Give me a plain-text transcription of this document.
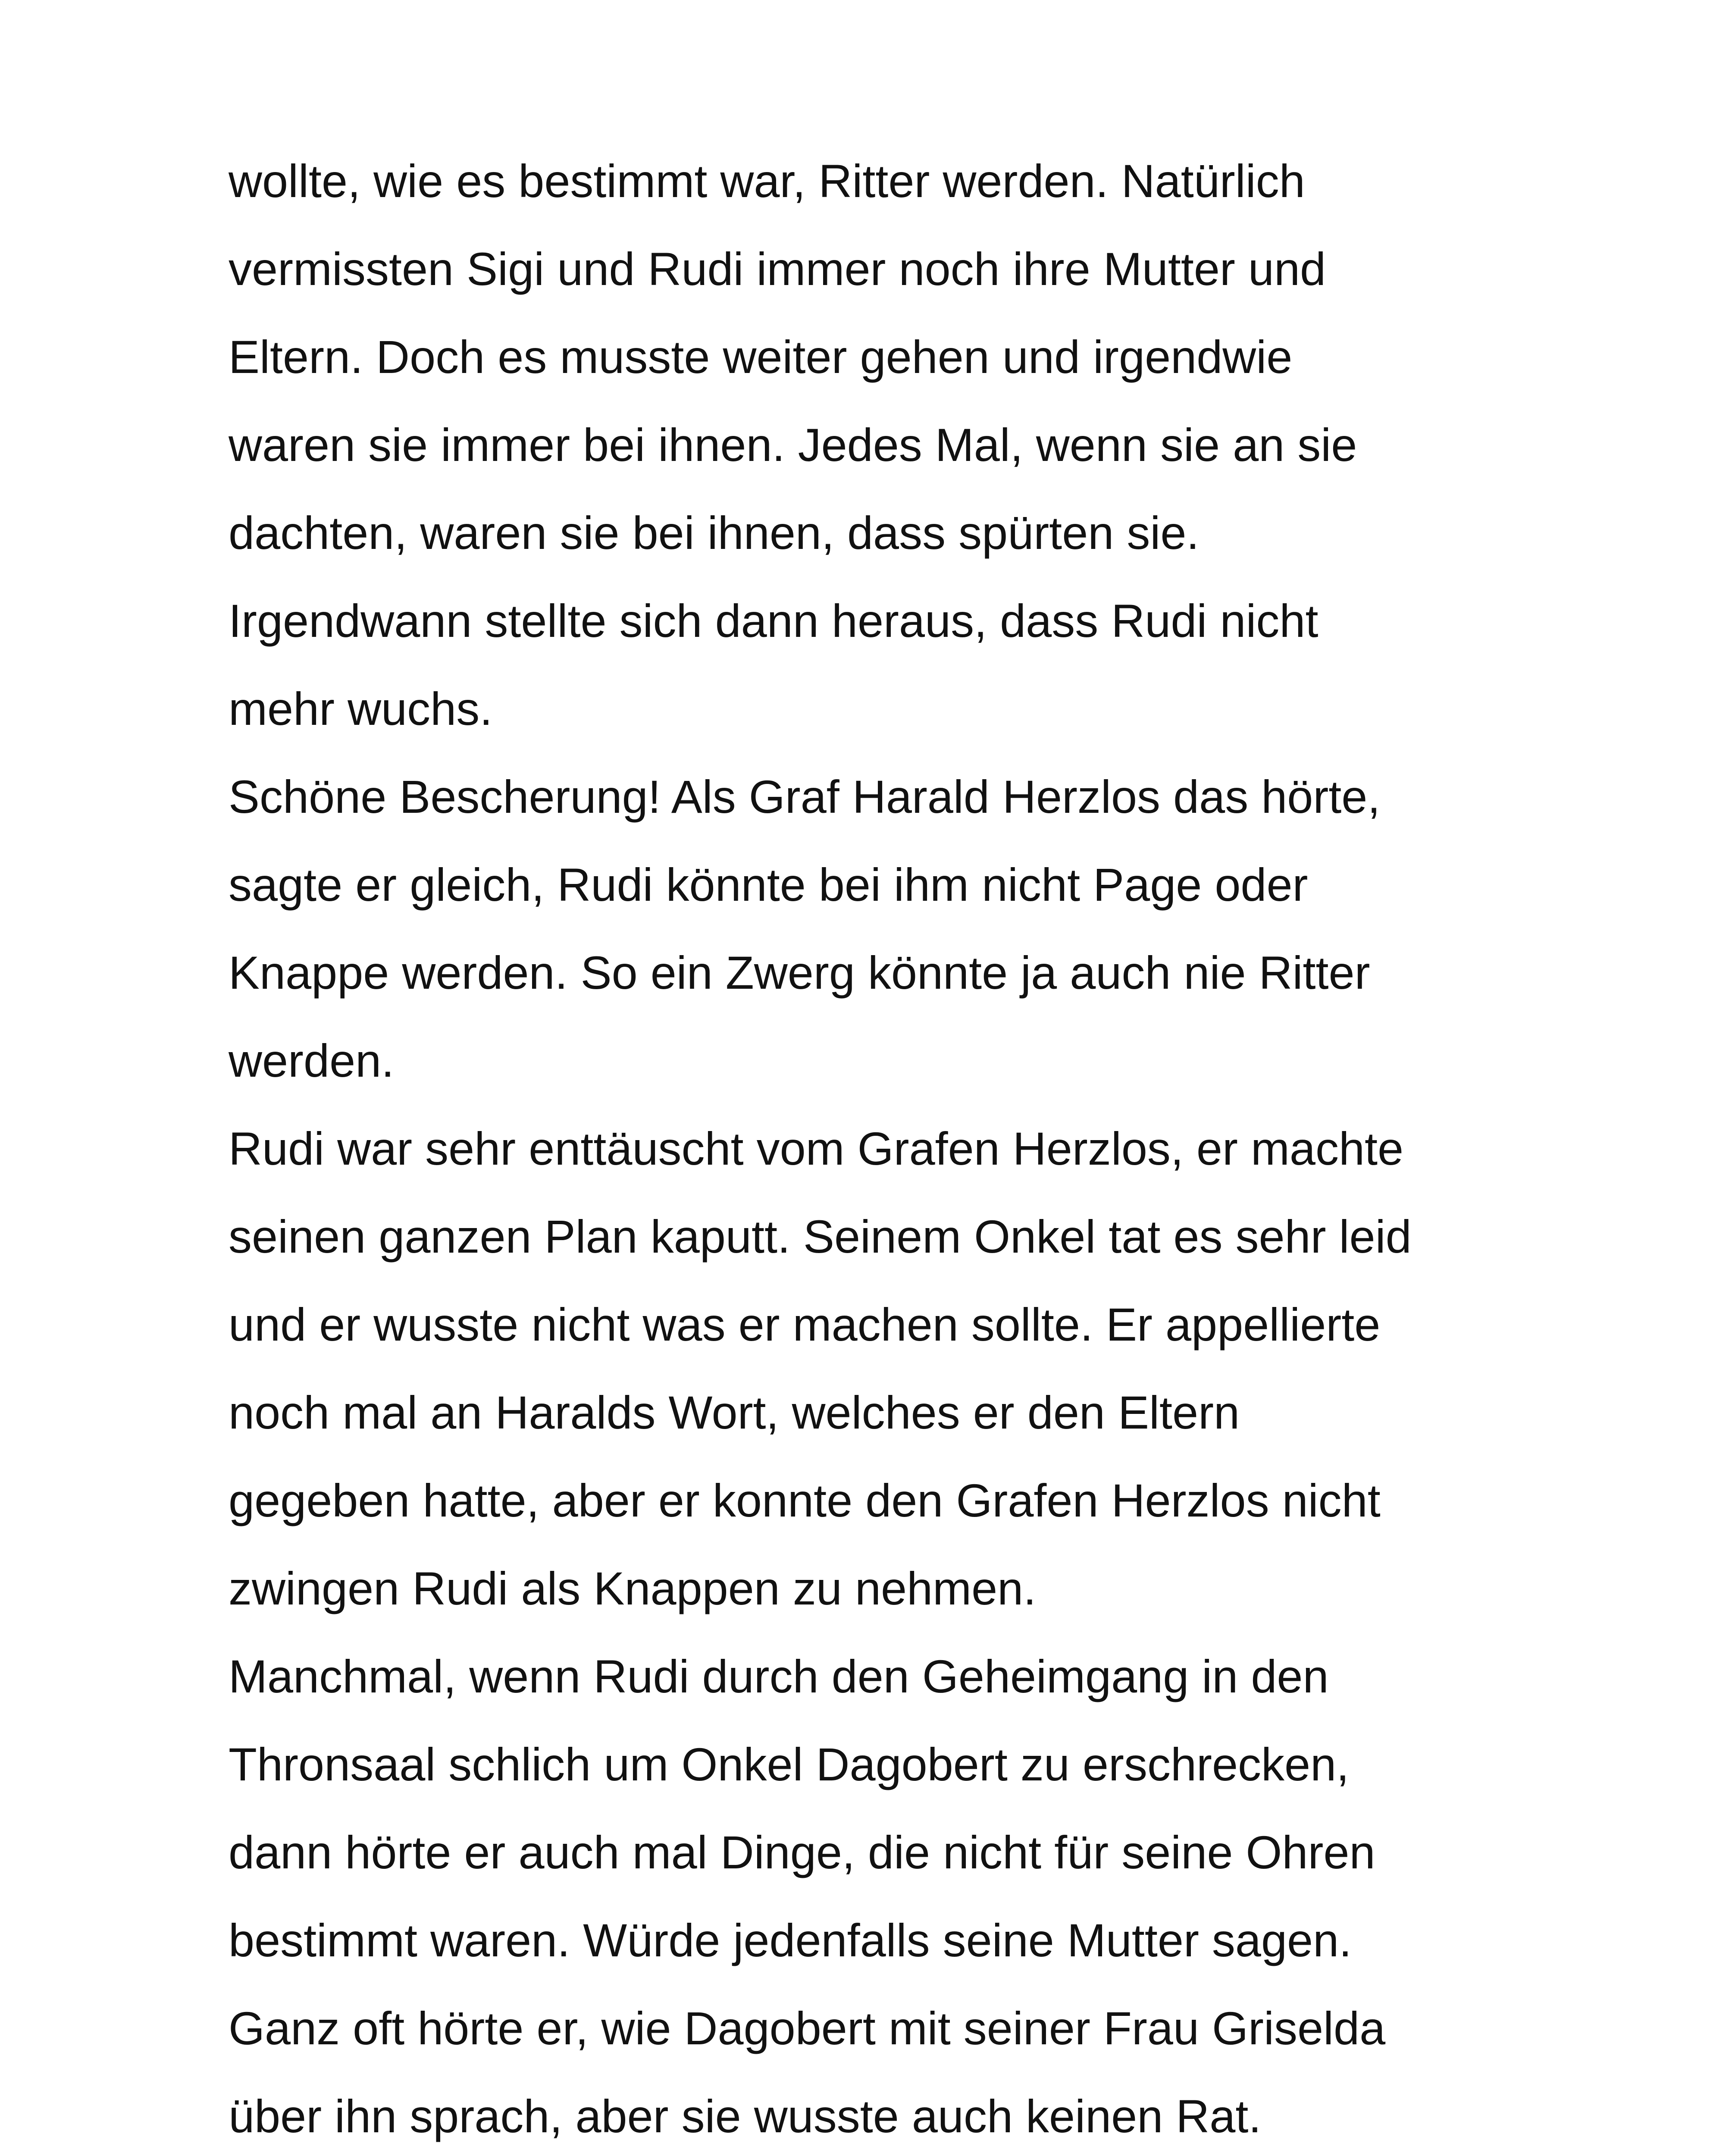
wollte, wie es bestimmt war, Ritter werden. Natürlich
vermissten Sigi und Rudi immer noch ihre Mutter und
Eltern. Doch es musste weiter gehen und irgendwie
waren sie immer bei ihnen. Jedes Mal, wenn sie an sie
dachten, waren sie bei ihnen, dass spürten sie.
Irgendwann stellte sich dann heraus, dass Rudi nicht
mehr wuchs.
Schöne Bescherung! Als Graf Harald Herzlos das hörte,
sagte er gleich, Rudi könnte bei ihm nicht Page oder
Knappe werden. So ein Zwerg könnte ja auch nie Ritter
werden.
Rudi war sehr enttäuscht vom Grafen Herzlos, er machte
seinen ganzen Plan kaputt. Seinem Onkel tat es sehr leid
und er wusste nicht was er machen sollte. Er appellierte
noch mal an Haralds Wort, welches er den Eltern
gegeben hatte, aber er konnte den Grafen Herzlos nicht
zwingen Rudi als Knappen zu nehmen.
Manchmal, wenn Rudi durch den Geheimgang in den
Thronsaal schlich um Onkel Dagobert zu erschrecken,
dann hörte er auch mal Dinge, die nicht für seine Ohren
bestimmt waren. Würde jedenfalls seine Mutter sagen.
Ganz oft hörte er, wie Dagobert mit seiner Frau Griselda
über ihn sprach, aber sie wusste auch keinen Rat.
